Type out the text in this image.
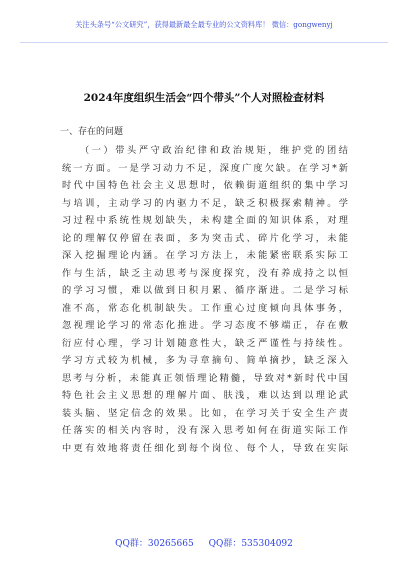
关注头条号“公文研究”，获得最新最全最专业的公文资料库！ 微信：gongwenyj
2024年度组织生活会“四个带头”个人对照检查材料
一、存在的问题
（一）带头严守政治纪律和政治规矩，维护党的团结
统一方面。一是学习动力不足，深度广度欠缺。在学习*新
时代中国特色社会主义思想时，依赖街道组织的集中学习
与培训，主动学习的内驱力不足，缺乏积极探索精神。学
习过程中系统性规划缺失，未构建全面的知识体系，对理
论的理解仅停留在表面，多为突击式、碎片化学习，未能
深入挖掘理论内涵。在学习方法上，未能紧密联系实际工
作与生活，缺乏主动思考与深度探究，没有养成持之以恒
的学习习惯，难以做到日积月累、循序渐进。二是学习标
准不高，常态化机制缺失。工作重心过度倾向具体事务，
忽视理论学习的常态化推进。学习态度不够端正，存在敷
衍应付心理，学习计划随意性大，缺乏严谨性与持续性。
学习方式较为机械，多为寻章摘句、简单摘抄，缺乏深入
思考与分析，未能真正领悟理论精髓，导致对*新时代中国
特色社会主义思想的理解片面、肤浅，难以达到以理论武
装头脑、坚定信念的效果。比如，在学习关于安全生产责
任落实的相关内容时，没有深入思考如何在街道实际工作
中更有效地将责任细化到每个岗位、每个人，导致在实际
QQ群：30265665 QQ群：535304092
